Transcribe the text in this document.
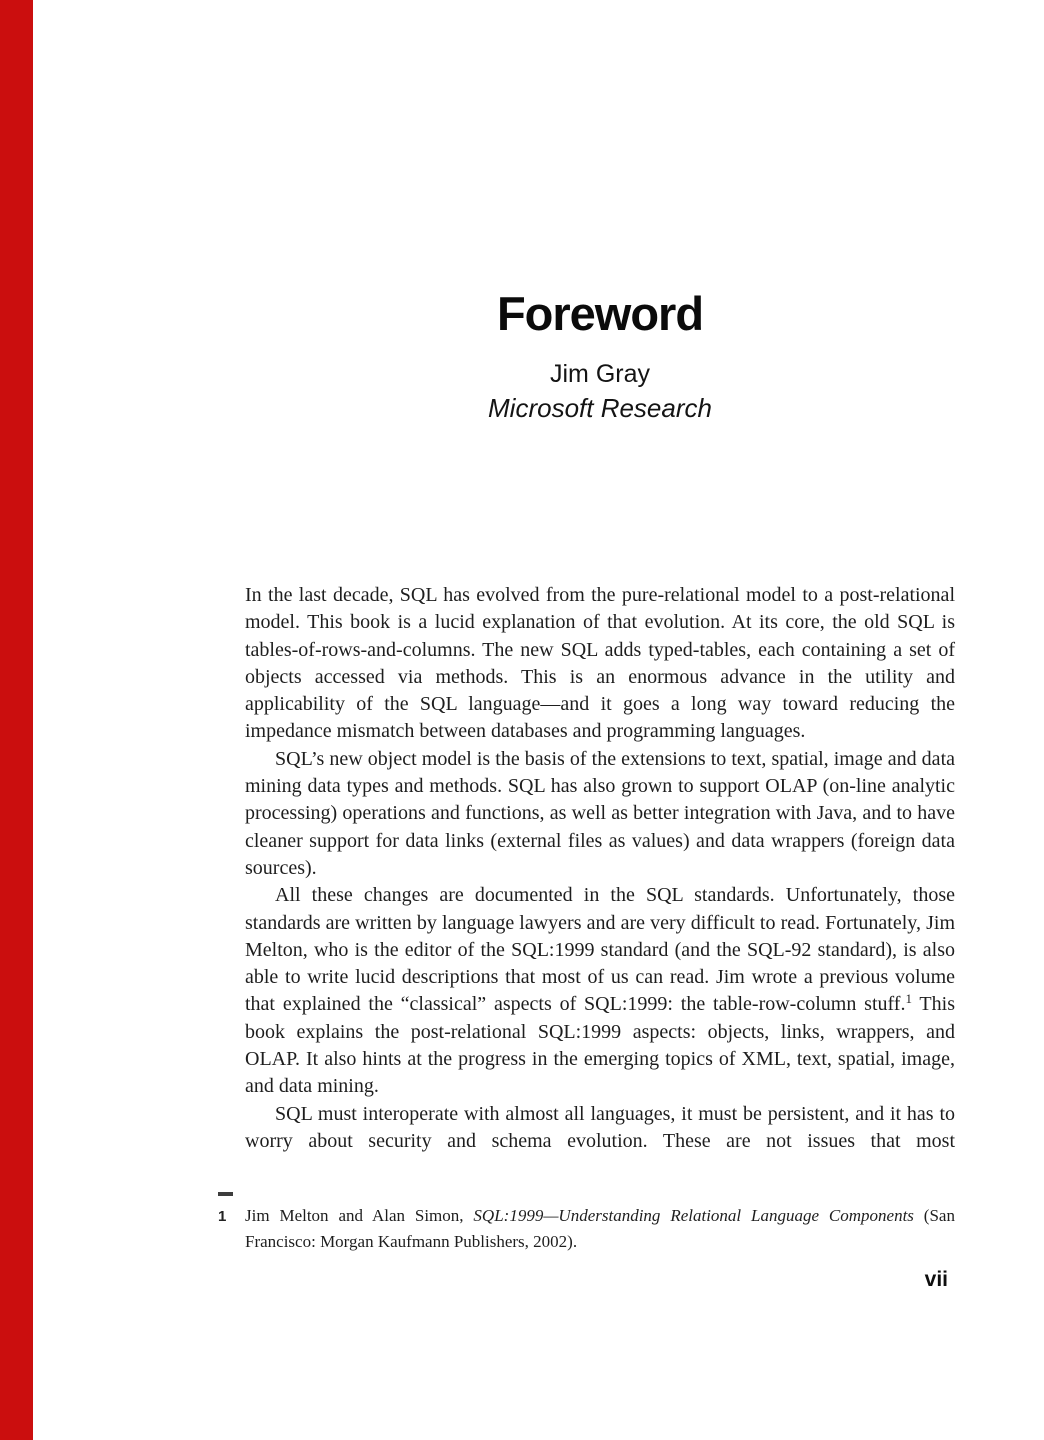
Foreword
Jim Gray
Microsoft Research

In the last decade, SQL has evolved from the pure-relational model to a post-relational model. This book is a lucid explanation of that evolution. At its core, the old SQL is tables-of-rows-and-columns. The new SQL adds typed-tables, each containing a set of objects accessed via methods. This is an enormous advance in the utility and applicability of the SQL language—and it goes a long way toward reducing the impedance mismatch between databases and programming languages.

SQL’s new object model is the basis of the extensions to text, spatial, image and data mining data types and methods. SQL has also grown to support OLAP (on-line analytic processing) operations and functions, as well as better integration with Java, and to have cleaner support for data links (external files as values) and data wrappers (foreign data sources).

All these changes are documented in the SQL standards. Unfortunately, those standards are written by language lawyers and are very difficult to read. Fortunately, Jim Melton, who is the editor of the SQL:1999 standard (and the SQL-92 standard), is also able to write lucid descriptions that most of us can read. Jim wrote a previous volume that explained the “classical” aspects of SQL:1999: the table-row-column stuff.$^1$ This book explains the post-relational SQL:1999 aspects: objects, links, wrappers, and OLAP. It also hints at the progress in the emerging topics of XML, text, spatial, image, and data mining.

SQL must interoperate with almost all languages, it must be persistent, and it has to worry about security and schema evolution. These are not issues that most

1 Jim Melton and Alan Simon, SQL:1999—Understanding Relational Language Components (San Francisco: Morgan Kaufmann Publishers, 2002).
vii
